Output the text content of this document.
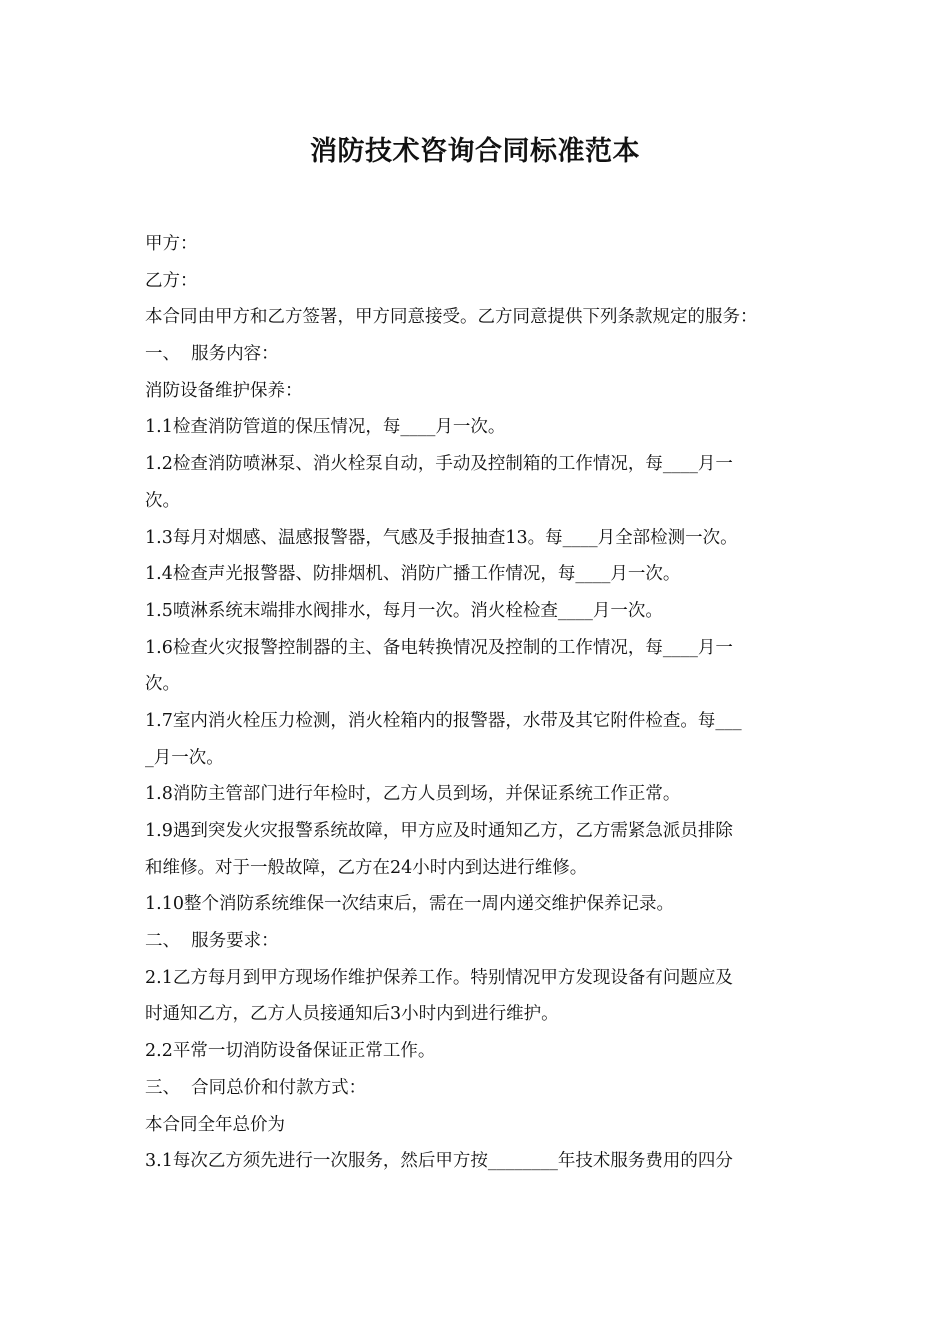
消防技术咨询合同标准范本
甲方：
乙方：
本合同由甲方和乙方签署，甲方同意接受。乙方同意提供下列条款规定的服务：
一、  服务内容：
消防设备维护保养：
1.1检查消防管道的保压情况，每____月一次。
1.2检查消防喷淋泵、消火栓泵自动，手动及控制箱的工作情况，每____月一
次。
1.3每月对烟感、温感报警器，气感及手报抽查13。每____月全部检测一次。
1.4检查声光报警器、防排烟机、消防广播工作情况，每____月一次。
1.5喷淋系统末端排水阀排水，每月一次。消火栓检查____月一次。
1.6检查火灾报警控制器的主、备电转换情况及控制的工作情况，每____月一
次。
1.7室内消火栓压力检测，消火栓箱内的报警器，水带及其它附件检查。每___
_月一次。
1.8消防主管部门进行年检时，乙方人员到场，并保证系统工作正常。
1.9遇到突发火灾报警系统故障，甲方应及时通知乙方，乙方需紧急派员排除
和维修。对于一般故障，乙方在24小时内到达进行维修。
1.10整个消防系统维保一次结束后，需在一周内递交维护保养记录。
二、  服务要求：
2.1乙方每月到甲方现场作维护保养工作。特别情况甲方发现设备有问题应及
时通知乙方，乙方人员接通知后3小时内到进行维护。
2.2平常一切消防设备保证正常工作。
三、  合同总价和付款方式：
本合同全年总价为
3.1每次乙方须先进行一次服务，然后甲方按________年技术服务费用的四分
